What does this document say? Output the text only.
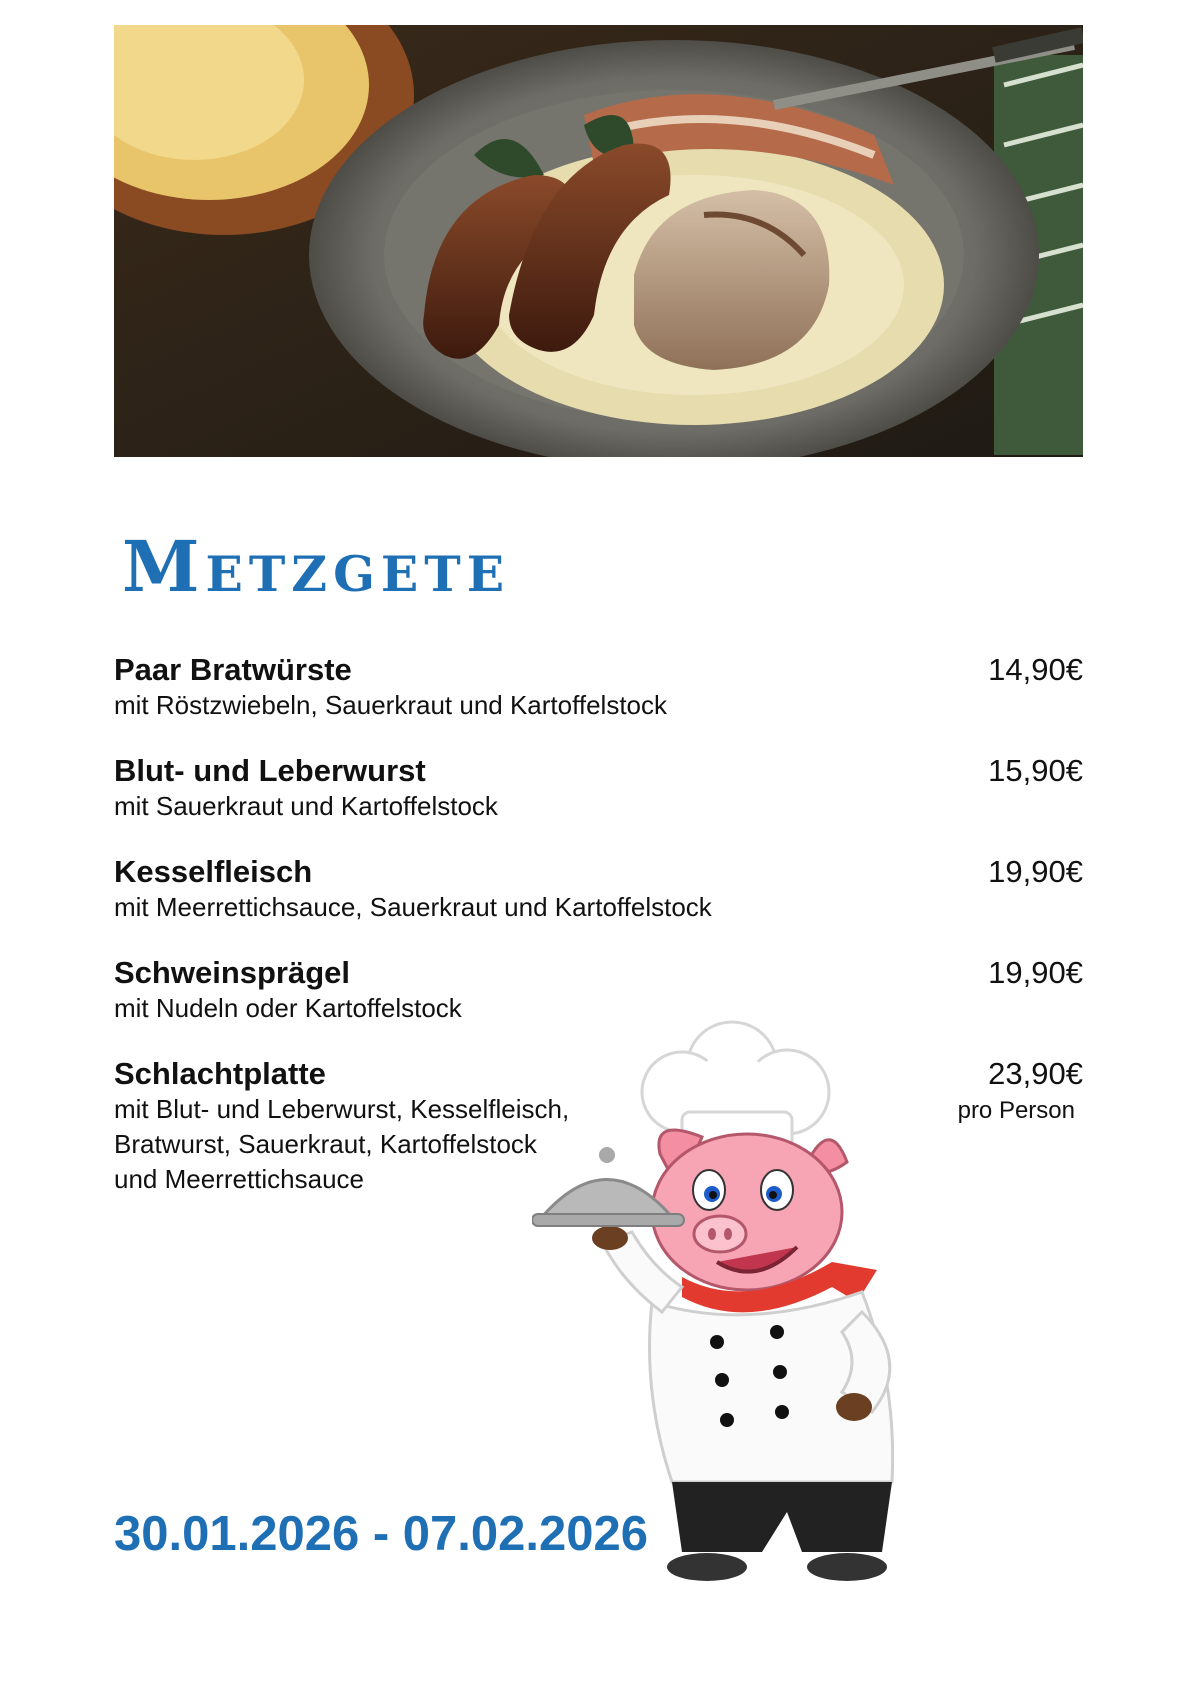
Metzgete
Paar Bratwürste	14,90€
mit Röstzwiebeln, Sauerkraut und Kartoffelstock
Blut- und Leberwurst	15,90€
mit Sauerkraut und Kartoffelstock
Kesselfleisch	19,90€
mit Meerrettichsauce, Sauerkraut und Kartoffelstock
Schweinsprägel	19,90€
mit Nudeln oder Kartoffelstock
Schlachtplatte	23,90€
pro Person
mit Blut- und Leberwurst, Kesselfleisch,
Bratwurst, Sauerkraut, Kartoffelstock
und Meerrettichsauce
30.01.2026 - 07.02.2026
